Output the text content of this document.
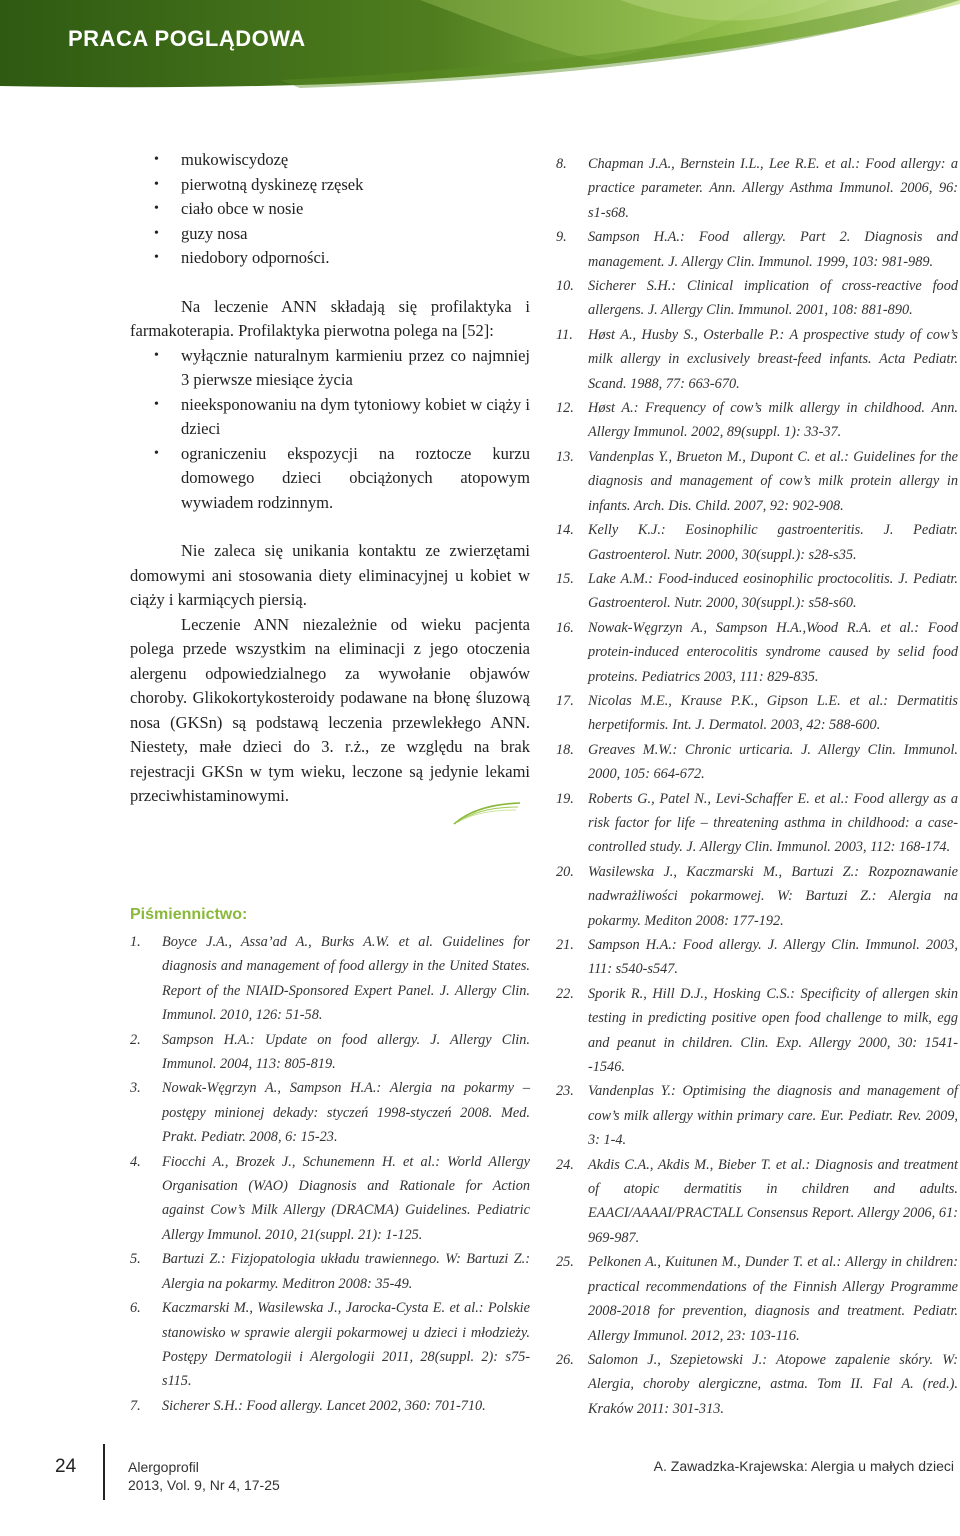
PRACA POGLĄDOWA
• mukowiscydozę
• pierwotną dyskinezę rzęsek
• ciało obce w nosie
• guzy nosa
• niedobory odporności.

Na leczenie ANN składają się profilaktyka i farmakoterapia. Profilaktyka pierwotna polega na [52]:

• wyłącznie naturalnym karmieniu przez co najmniej 3 pierwsze miesiące życia
• nieeksponowaniu na dym tytoniowy kobiet w ciąży i dzieci
• ograniczeniu ekspozycji na roztocze kurzu domowego dzieci obciążonych atopowym wywiadem rodzinnym.

Nie zaleca się unikania kontaktu ze zwierzętami domowymi ani stosowania diety eliminacyjnej u kobiet w ciąży i karmiących piersią.

Leczenie ANN niezależnie od wieku pacjenta polega przede wszystkim na eliminacji z jego otoczenia alergenu odpowiedzialnego za wywołanie objawów choroby. Glikokortykosteroidy podawane na błonę śluzową nosa (GKSn) są podstawą leczenia przewlekłego ANN. Niestety, małe dzieci do 3. r.ż., ze względu na brak rejestracji GKSn w tym wieku, leczone są jedynie lekami przeciwhistaminowymi.

Piśmiennictwo:
1. Boyce J.A., Assa’ad A., Burks A.W. et al. Guidelines for diagnosis and management of food allergy in the United States. Report of the NIAID-Sponsored Expert Panel. J. Allergy Clin. Immunol. 2010, 126: 51-58.
2. Sampson H.A.: Update on food allergy. J. Allergy Clin. Immunol. 2004, 113: 805-819.
3. Nowak-Węgrzyn A., Sampson H.A.: Alergia na pokarmy – postępy minionej dekady: styczeń 1998-styczeń 2008. Med. Prakt. Pediatr. 2008, 6: 15-23.
4. Fiocchi A., Brozek J., Schunemenn H. et al.: World Allergy Organisation (WAO) Diagnosis and Rationale for Action against Cow’s Milk Allergy (DRACMA) Guidelines. Pediatric Allergy Immunol. 2010, 21(suppl. 21): 1-125.
5. Bartuzi Z.: Fizjopatologia układu trawiennego. W: Bartuzi Z.: Alergia na pokarmy. Meditron 2008: 35-49.
6. Kaczmarski M., Wasilewska J., Jarocka-Cysta E. et al.: Polskie stanowisko w sprawie alergii pokarmowej u dzieci i młodzieży. Postępy Dermatologii i Alergologii 2011, 28(suppl. 2): s75-s115.
7. Sicherer S.H.: Food allergy. Lancet 2002, 360: 701-710.
8. Chapman J.A., Bernstein I.L., Lee R.E. et al.: Food allergy: a practice parameter. Ann. Allergy Asthma Immunol. 2006, 96: s1-s68.
9. Sampson H.A.: Food allergy. Part 2. Diagnosis and management. J. Allergy Clin. Immunol. 1999, 103: 981-989.
10. Sicherer S.H.: Clinical implication of cross-reactive food allergens. J. Allergy Clin. Immunol. 2001, 108: 881-890.
11. Høst A., Husby S., Osterballe P.: A prospective study of cow’s milk allergy in exclusively breast-feed infants. Acta Pediatr. Scand. 1988, 77: 663-670.
12. Høst A.: Frequency of cow’s milk allergy in childhood. Ann. Allergy Immunol. 2002, 89(suppl. 1): 33-37.
13. Vandenplas Y., Brueton M., Dupont C. et al.: Guidelines for the diagnosis and management of cow’s milk protein allergy in infants. Arch. Dis. Child. 2007, 92: 902-908.
14. Kelly K.J.: Eosinophilic gastroenteritis. J. Pediatr. Gastroenterol. Nutr. 2000, 30(suppl.): s28-s35.
15. Lake A.M.: Food-induced eosinophilic proctocolitis. J. Pediatr. Gastroenterol. Nutr. 2000, 30(suppl.): s58-s60.
16. Nowak-Węgrzyn A., Sampson H.A.,Wood R.A. et al.: Food protein-induced enterocolitis syndrome caused by selid food proteins. Pediatrics 2003, 111: 829-835.
17. Nicolas M.E., Krause P.K., Gipson L.E. et al.: Dermatitis herpetiformis. Int. J. Dermatol. 2003, 42: 588-600.
18. Greaves M.W.: Chronic urticaria. J. Allergy Clin. Immunol. 2000, 105: 664-672.
19. Roberts G., Patel N., Levi-Schaffer E. et al.: Food allergy as a risk factor for life – threatening asthma in childhood: a case-controlled study. J. Allergy Clin. Immunol. 2003, 112: 168-174.
20. Wasilewska J., Kaczmarski M., Bartuzi Z.: Rozpoznawanie nadwrażliwości pokarmowej. W: Bartuzi Z.: Alergia na pokarmy. Mediton 2008: 177-192.
21. Sampson H.A.: Food allergy. J. Allergy Clin. Immunol. 2003, 111: s540-s547.
22. Sporik R., Hill D.J., Hosking C.S.: Specificity of allergen skin testing in predicting positive open food challenge to milk, egg and peanut in children. Clin. Exp. Allergy 2000, 30: 1541--1546.
23. Vandenplas Y.: Optimising the diagnosis and management of cow’s milk allergy within primary care. Eur. Pediatr. Rev. 2009, 3: 1-4.
24. Akdis C.A., Akdis M., Bieber T. et al.: Diagnosis and treatment of atopic dermatitis in children and adults. EAACI/AAAAI/PRACTALL Consensus Report. Allergy 2006, 61: 969-987.
25. Pelkonen A., Kuitunen M., Dunder T. et al.: Allergy in children: practical recommendations of the Finnish Allergy Programme 2008-2018 for prevention, diagnosis and treatment. Pediatr. Allergy Immunol. 2012, 23: 103-116.
26. Salomon J., Szepietowski J.: Atopowe zapalenie skóry. W: Alergia, choroby alergiczne, astma. Tom II. Fal A. (red.). Kraków 2011: 301-313.

24	Alergoprofil
2013, Vol. 9, Nr 4, 17-25

A. Zawadzka-Krajewska: Alergia u małych dzieci
